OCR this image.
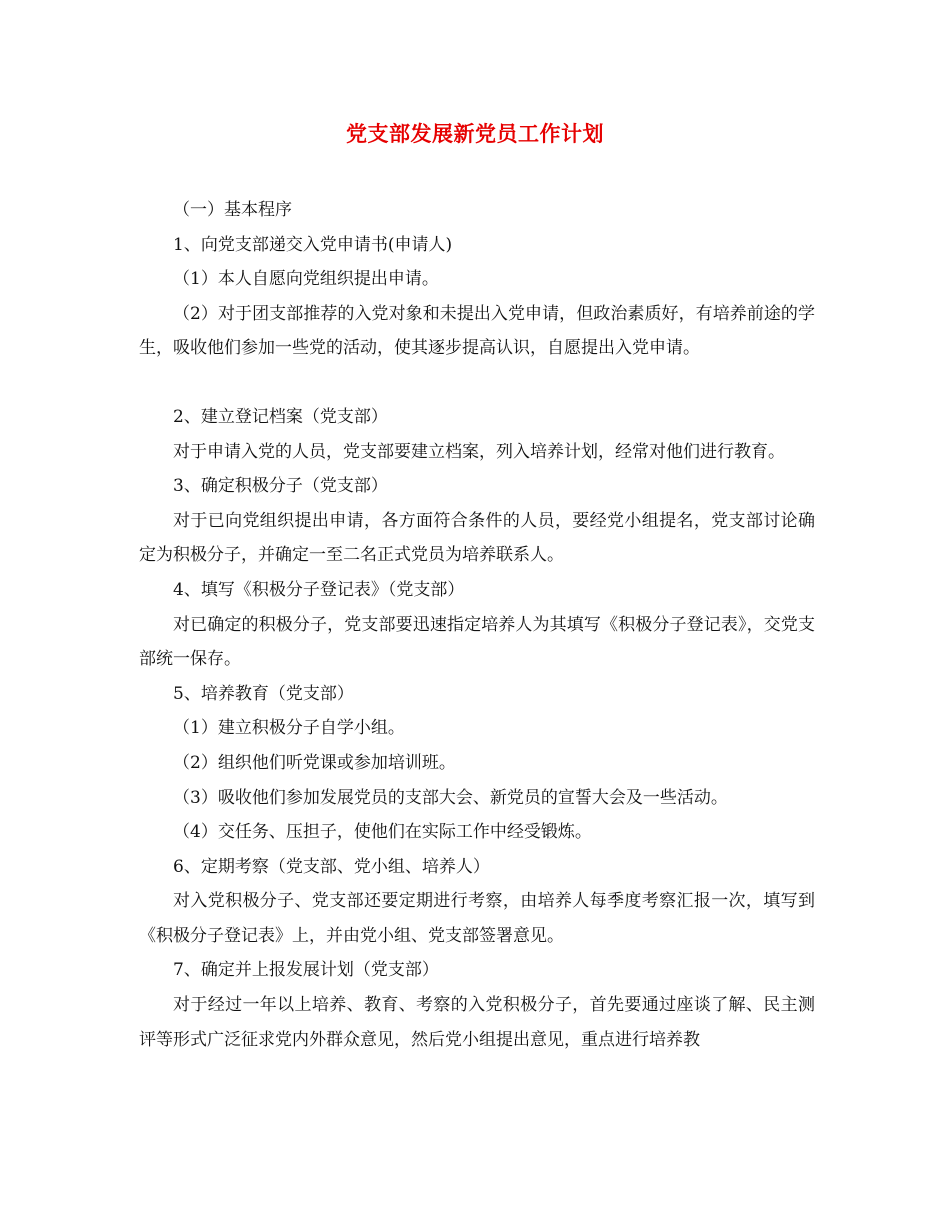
党支部发展新党员工作计划

（一）基本程序

1、向党支部递交入党申请书(申请人)

（1）本人自愿向党组织提出申请。

（2）对于团支部推荐的入党对象和未提出入党申请，但政治素质好，有培养前途的学生，吸收他们参加一些党的活动，使其逐步提高认识，自愿提出入党申请。

2、建立登记档案（党支部）

对于申请入党的人员，党支部要建立档案，列入培养计划，经常对他们进行教育。

3、确定积极分子（党支部）

对于已向党组织提出申请，各方面符合条件的人员，要经党小组提名，党支部讨论确定为积极分子，并确定一至二名正式党员为培养联系人。

4、填写《积极分子登记表》（党支部）

对已确定的积极分子，党支部要迅速指定培养人为其填写《积极分子登记表》，交党支部统一保存。

5、培养教育（党支部）

（1）建立积极分子自学小组。

（2）组织他们听党课或参加培训班。

（3）吸收他们参加发展党员的支部大会、新党员的宣誓大会及一些活动。

（4）交任务、压担子，使他们在实际工作中经受锻炼。

6、定期考察（党支部、党小组、培养人）

对入党积极分子、党支部还要定期进行考察，由培养人每季度考察汇报一次，填写到《积极分子登记表》上，并由党小组、党支部签署意见。

7、确定并上报发展计划（党支部）

对于经过一年以上培养、教育、考察的入党积极分子，首先要通过座谈了解、民主测评等形式广泛征求党内外群众意见，然后党小组提出意见，重点进行培养教
